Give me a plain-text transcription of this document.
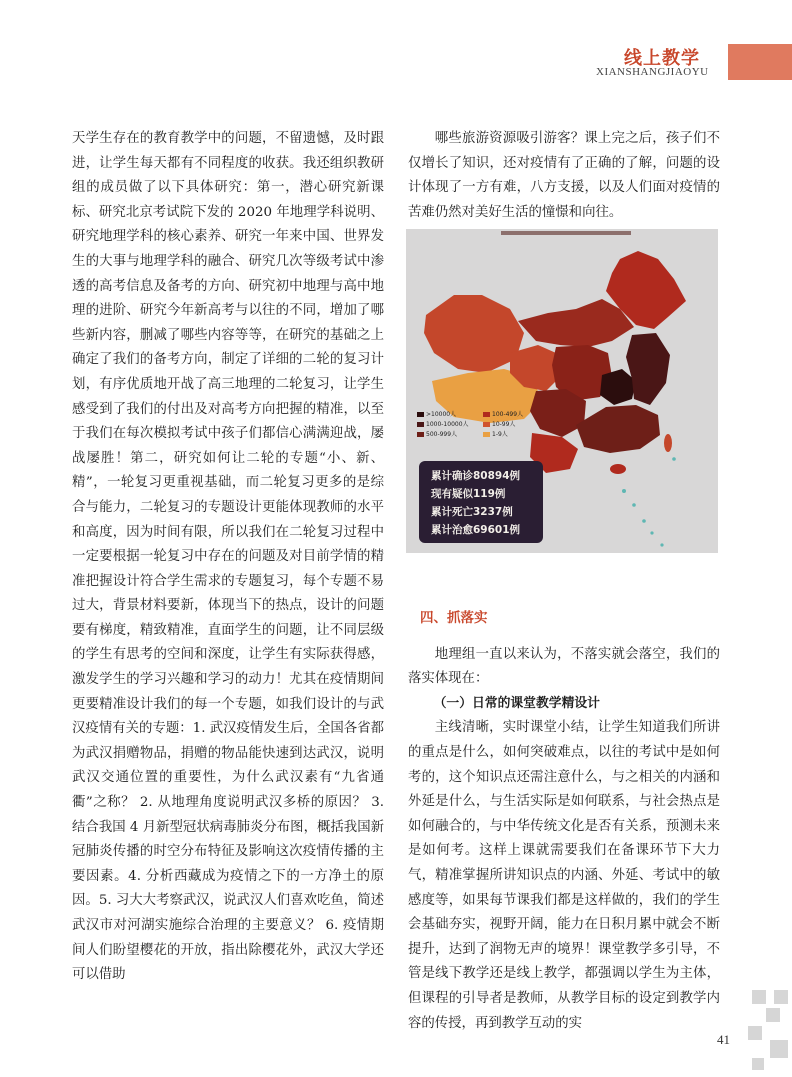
线上教学
XIANSHANGJIAOYU

天学生存在的教育教学中的问题，不留遗憾，及时跟进，让学生每天都有不同程度的收获。我还组织教研组的成员做了以下具体研究：第一，潜心研究新课标、研究北京考试院下发的 2020 年地理学科说明、研究地理学科的核心素养、研究一年来中国、世界发生的大事与地理学科的融合、研究几次等级考试中渗透的高考信息及备考的方向、研究初中地理与高中地理的进阶、研究今年新高考与以往的不同，增加了哪些新内容，删减了哪些内容等等，在研究的基础之上确定了我们的备考方向，制定了详细的二轮的复习计划，有序优质地开战了高三地理的二轮复习，让学生感受到了我们的付出及对高考方向把握的精准，以至于我们在每次模拟考试中孩子们都信心满满迎战，屡战屡胜！第二，研究如何让二轮的专题“小、新、精”，一轮复习更重视基础，而二轮复习更多的是综合与能力，二轮复习的专题设计更能体现教师的水平和高度，因为时间有限，所以我们在二轮复习过程中一定要根据一轮复习中存在的问题及对目前学情的精准把握设计符合学生需求的专题复习，每个专题不易过大，背景材料要新，体现当下的热点，设计的问题要有梯度，精致精准，直面学生的问题，让不同层级的学生有思考的空间和深度，让学生有实际获得感，激发学生的学习兴趣和学习的动力！尤其在疫情期间更要精准设计我们的每一个专题，如我们设计的与武汉疫情有关的专题：1. 武汉疫情发生后，全国各省都为武汉捐赠物品，捐赠的物品能快速到达武汉，说明武汉交通位置的重要性，为什么武汉素有“九省通衢”之称？ 2. 从地理角度说明武汉多桥的原因？ 3. 结合我国 4 月新型冠状病毒肺炎分布图，概括我国新冠肺炎传播的时空分布特征及影响这次疫情传播的主要因素。4. 分析西藏成为疫情之下的一方净土的原因。5. 习大大考察武汉，说武汉人们喜欢吃鱼，简述武汉市对河湖实施综合治理的主要意义？ 6. 疫情期间人们盼望樱花的开放，指出除樱花外，武汉大学还可以借助

哪些旅游资源吸引游客？课上完之后，孩子们不仅增长了知识，还对疫情有了正确的了解，问题的设计体现了一方有难，八方支援，以及人们面对疫情的苦难仍然对美好生活的憧憬和向往。

>10000人	100-499人
1000-10000人	10-99人
500-999人	1-9人
累计确诊80894例
现有疑似119例
累计死亡3237例
累计治愈69601例

四、抓落实

地理组一直以来认为，不落实就会落空，我们的落实体现在：

（一）日常的课堂教学精设计

主线清晰，实时课堂小结，让学生知道我们所讲的重点是什么，如何突破难点，以往的考试中是如何考的，这个知识点还需注意什么，与之相关的内涵和外延是什么，与生活实际是如何联系，与社会热点是如何融合的，与中华传统文化是否有关系，预测未来是如何考。这样上课就需要我们在备课环节下大力气，精准掌握所讲知识点的内涵、外延、考试中的敏感度等，如果每节课我们都是这样做的，我们的学生会基础夯实，视野开阔，能力在日积月累中就会不断提升，达到了润物无声的境界！课堂教学多引导，不管是线下教学还是线上教学，都强调以学生为主体，但课程的引导者是教师，从教学目标的设定到教学内容的传授，再到教学互动的实

41
